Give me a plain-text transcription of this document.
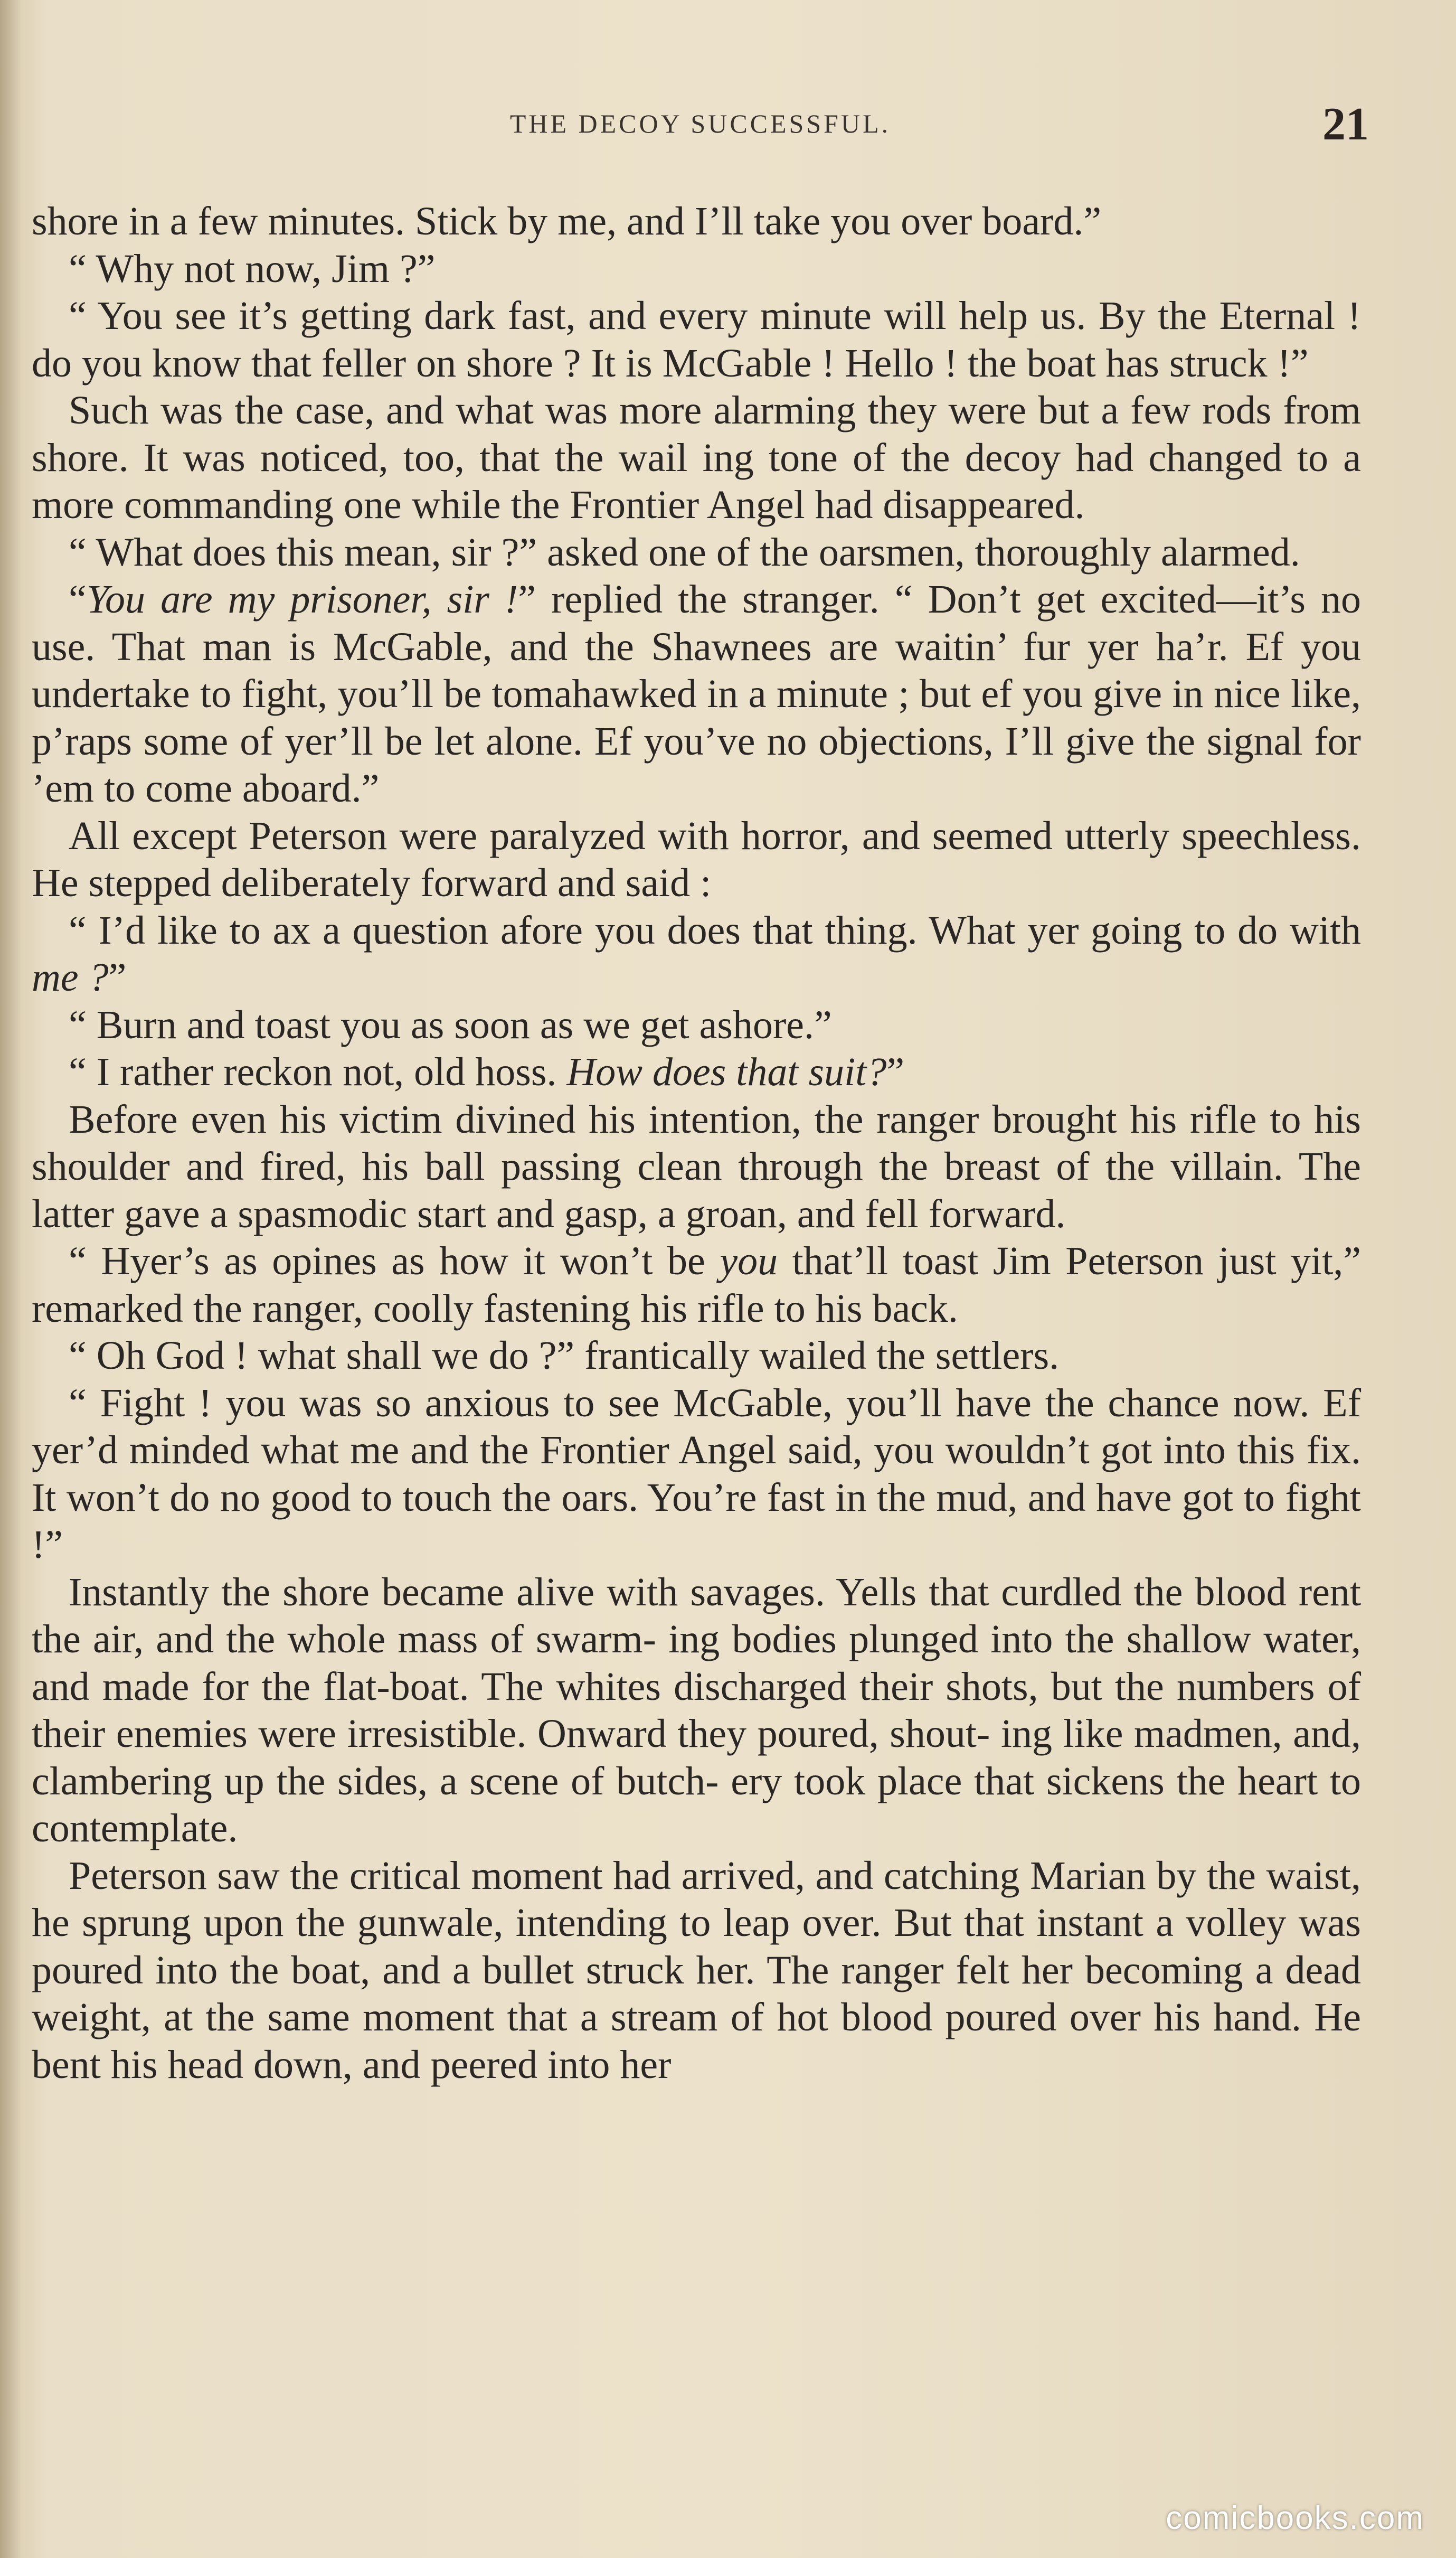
THE DECOY SUCCESSFUL.	21

shore in a few minutes. Stick by me, and I’ll take you over board.”

“ Why not now, Jim ?”

“ You see it’s getting dark fast, and every minute will help us. By the Eternal ! do you know that feller on shore ? It is McGable ! Hello ! the boat has struck !”

Such was the case, and what was more alarming they were but a few rods from shore. It was noticed, too, that the wail ing tone of the decoy had changed to a more commanding one while the Frontier Angel had disappeared.

“ What does this mean, sir ?” asked one of the oarsmen, thoroughly alarmed.

“You are my prisoner, sir !” replied the stranger. “ Don’t get excited—it’s no use. That man is McGable, and the Shawnees are waitin’ fur yer ha’r. Ef you undertake to fight, you’ll be tomahawked in a minute ; but ef you give in nice like, p’raps some of yer’ll be let alone. Ef you’ve no objections, I’ll give the signal for ’em to come aboard.”

All except Peterson were paralyzed with horror, and seemed utterly speechless. He stepped deliberately forward and said :

“ I’d like to ax a question afore you does that thing. What yer going to do with me ?”

“ Burn and toast you as soon as we get ashore.”

“ I rather reckon not, old hoss. How does that suit?”

Before even his victim divined his intention, the ranger brought his rifle to his shoulder and fired, his ball passing clean through the breast of the villain. The latter gave a spasmodic start and gasp, a groan, and fell forward.

“ Hyer’s as opines as how it won’t be you that’ll toast Jim Peterson just yit,” remarked the ranger, coolly fastening his rifle to his back.

“ Oh God ! what shall we do ?” frantically wailed the settlers.

“ Fight ! you was so anxious to see McGable, you’ll have the chance now. Ef yer’d minded what me and the Frontier Angel said, you wouldn’t got into this fix. It won’t do no good to touch the oars. You’re fast in the mud, and have got to fight !”

Instantly the shore became alive with savages. Yells that curdled the blood rent the air, and the whole mass of swarm- ing bodies plunged into the shallow water, and made for the flat-boat. The whites discharged their shots, but the numbers of their enemies were irresistible. Onward they poured, shout- ing like madmen, and, clambering up the sides, a scene of butch- ery took place that sickens the heart to contemplate.

Peterson saw the critical moment had arrived, and catching Marian by the waist, he sprung upon the gunwale, intending to leap over. But that instant a volley was poured into the boat, and a bullet struck her. The ranger felt her becoming a dead weight, at the same moment that a stream of hot blood poured over his hand. He bent his head down, and peered into her

comicbooks.com
